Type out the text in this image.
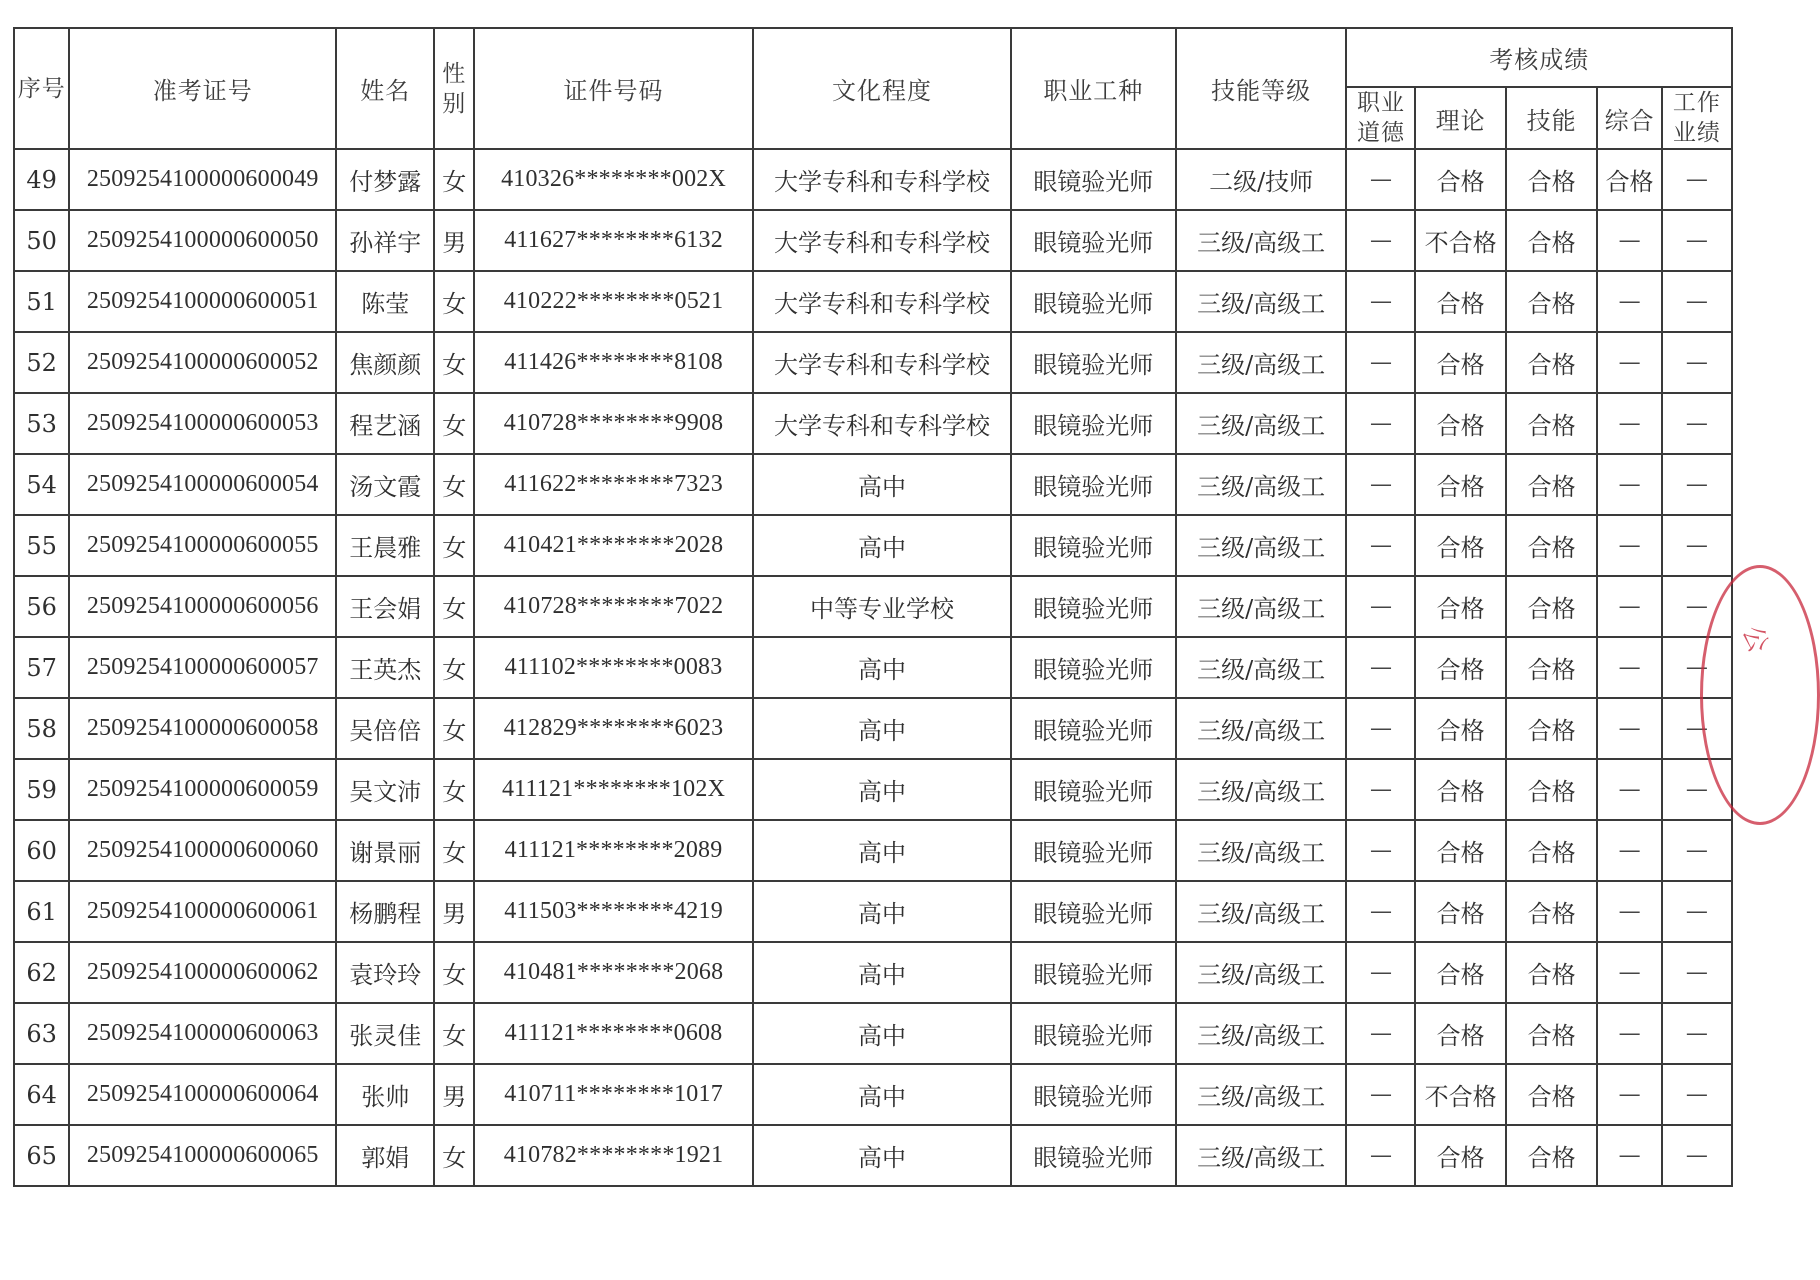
序号	准考证号	姓名	性别	证件号码	文化程度	职业工种	技能等级	考核成绩				
								职业道德	理论	技能	综合	工作业绩
49	2509254100000600049	付梦露	女	410326********002X	大学专科和专科学校	眼镜验光师	二级/技师	—	合格	合格	合格	—
50	2509254100000600050	孙祥宇	男	411627********6132	大学专科和专科学校	眼镜验光师	三级/高级工	—	不合格	合格	—	—
51	2509254100000600051	陈莹	女	410222********0521	大学专科和专科学校	眼镜验光师	三级/高级工	—	合格	合格	—	—
52	2509254100000600052	焦颜颜	女	411426********8108	大学专科和专科学校	眼镜验光师	三级/高级工	—	合格	合格	—	—
53	2509254100000600053	程艺涵	女	410728********9908	大学专科和专科学校	眼镜验光师	三级/高级工	—	合格	合格	—	—
54	2509254100000600054	汤文霞	女	411622********7323	高中	眼镜验光师	三级/高级工	—	合格	合格	—	—
55	2509254100000600055	王晨雅	女	410421********2028	高中	眼镜验光师	三级/高级工	—	合格	合格	—	—
56	2509254100000600056	王会娟	女	410728********7022	中等专业学校	眼镜验光师	三级/高级工	—	合格	合格	—	—
57	2509254100000600057	王英杰	女	411102********0083	高中	眼镜验光师	三级/高级工	—	合格	合格	—	—
58	2509254100000600058	吴倍倍	女	412829********6023	高中	眼镜验光师	三级/高级工	—	合格	合格	—	—
59	2509254100000600059	吴文沛	女	411121********102X	高中	眼镜验光师	三级/高级工	—	合格	合格	—	—
60	2509254100000600060	谢景丽	女	411121********2089	高中	眼镜验光师	三级/高级工	—	合格	合格	—	—
61	2509254100000600061	杨鹏程	男	411503********4219	高中	眼镜验光师	三级/高级工	—	合格	合格	—	—
62	2509254100000600062	袁玲玲	女	410481********2068	高中	眼镜验光师	三级/高级工	—	合格	合格	—	—
63	2509254100000600063	张灵佳	女	411121********0608	高中	眼镜验光师	三级/高级工	—	合格	合格	—	—
64	2509254100000600064	张帅	男	410711********1017	高中	眼镜验光师	三级/高级工	—	不合格	合格	—	—
65	2509254100000600065	郭娟	女	410782********1921	高中	眼镜验光师	三级/高级工	—	合格	合格	—	—
公
